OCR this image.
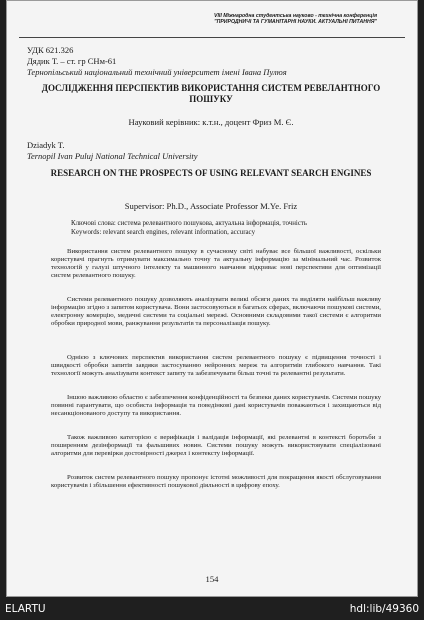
VIII Міжнародна студентська науково - технічна конференція

"ПРИРОДНИЧІ ТА ГУМАНІТАРНІ НАУКИ. АКТУАЛЬНІ ПИТАННЯ"

УДК 621.326

Дядик Т. – ст. гр СНм-61

Тернопільський національний технічний університет імені Івана Пулюя

ДОСЛІДЖЕННЯ ПЕРСПЕКТИВ ВИКОРИСТАННЯ СИСТЕМ РЕВЕЛАНТНОГО ПОШУКУ

Науковий керівник: к.т.н., доцент Фриз М. Є.

Dziadyk T.

Ternopil Ivan Puluj National Technical University

RESEARCH ON THE PROSPECTS OF USING RELEVANT SEARCH ENGINES

Supervisor: Ph.D., Associate Professor M.Ye. Friz

Ключові слова: система релевантного пошукова, актуальна інформація, точність

Keywords: relevant search engines, relevant information, accuracy

Використання систем релевантного пошуку в сучасному світі набуває все більшої важливості, оскільки користувачі прагнуть отримувати максимально точну та актуальну інформацію за мінімальний час. Розвиток технологій у галузі штучного інтелекту та машинного навчання відкриває нові перспективи для оптимізації систем релевантного пошуку.

Системи релевантного пошуку дозволяють аналізувати великі обсяги даних та виділяти найбільш важливу інформацію згідно з запитом користувача. Вони застосовуються в багатьох сферах, включаючи пошукові системи, електронну комерцію, медичні системи та соціальні мережі. Основними складовими такої системи є алгоритми обробки природної мови, ранжування результатів та персоналізація пошуку.

Однією з ключових перспектив використання систем релевантного пошуку є підвищення точності і швидкості обробки запитів завдяки застосуванню нейронних мереж та алгоритмів глибокого навчання. Такі технології можуть аналізувати контекст запиту та забезпечувати більш точні та релевантні результати.

Іншою важливою областю є забезпечення конфіденційності та безпеки даних користувачів. Системи пошуку повинні гарантувати, що особиста інформація та поведінкові дані користувачів поважаються і захищаються від несанкціонованого доступу та використання.

Також важливою категорією є верифікація і валідація інформації, які релевантні в контексті боротьби з поширенням дезінформації та фальшивих новин. Системи пошуку можуть використовувати спеціалізовані алгоритми для перевірки достовірності джерел і контексту інформації.

Розвиток систем релевантного пошуку пропонує істотні можливості для покращення якості обслуговування користувачів і збільшення ефективності пошукової діяльності в цифрову епоху.

154

ELARTU	hdl:lib/49360
